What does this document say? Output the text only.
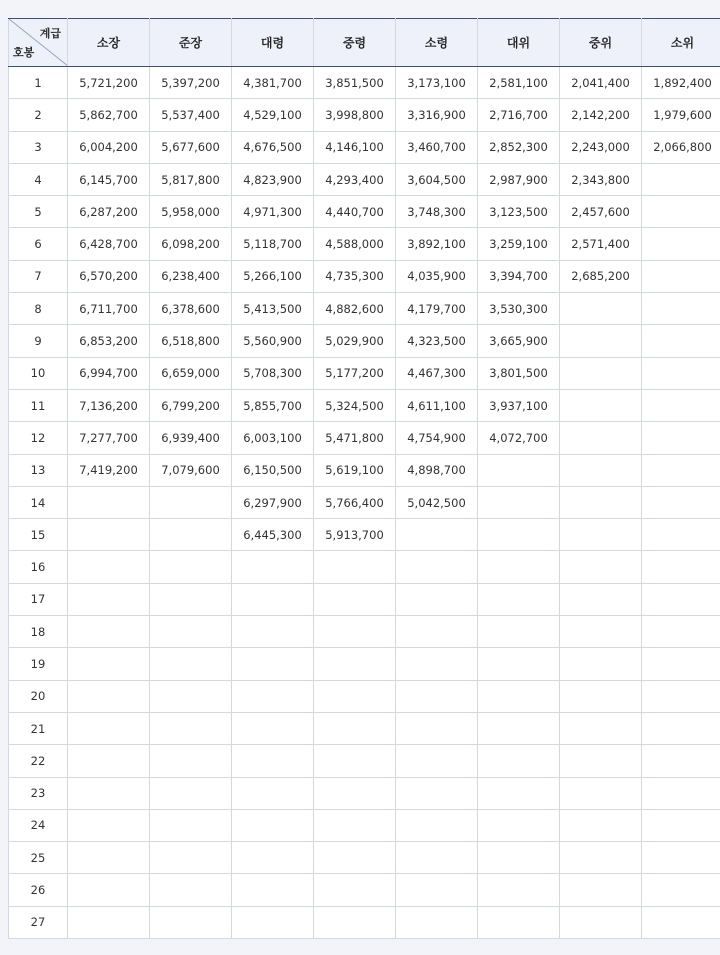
계급
호봉	소장	준장	대령	중령	소령	대위	중위	소위
1	5,721,200	5,397,200	4,381,700	3,851,500	3,173,100	2,581,100	2,041,400	1,892,400
2	5,862,700	5,537,400	4,529,100	3,998,800	3,316,900	2,716,700	2,142,200	1,979,600
3	6,004,200	5,677,600	4,676,500	4,146,100	3,460,700	2,852,300	2,243,000	2,066,800
4	6,145,700	5,817,800	4,823,900	4,293,400	3,604,500	2,987,900	2,343,800	
5	6,287,200	5,958,000	4,971,300	4,440,700	3,748,300	3,123,500	2,457,600	
6	6,428,700	6,098,200	5,118,700	4,588,000	3,892,100	3,259,100	2,571,400	
7	6,570,200	6,238,400	5,266,100	4,735,300	4,035,900	3,394,700	2,685,200	
8	6,711,700	6,378,600	5,413,500	4,882,600	4,179,700	3,530,300		
9	6,853,200	6,518,800	5,560,900	5,029,900	4,323,500	3,665,900		
10	6,994,700	6,659,000	5,708,300	5,177,200	4,467,300	3,801,500		
11	7,136,200	6,799,200	5,855,700	5,324,500	4,611,100	3,937,100		
12	7,277,700	6,939,400	6,003,100	5,471,800	4,754,900	4,072,700		
13	7,419,200	7,079,600	6,150,500	5,619,100	4,898,700			
14			6,297,900	5,766,400	5,042,500			
15			6,445,300	5,913,700				
16								
17								
18								
19								
20								
21								
22								
23								
24								
25								
26								
27								
